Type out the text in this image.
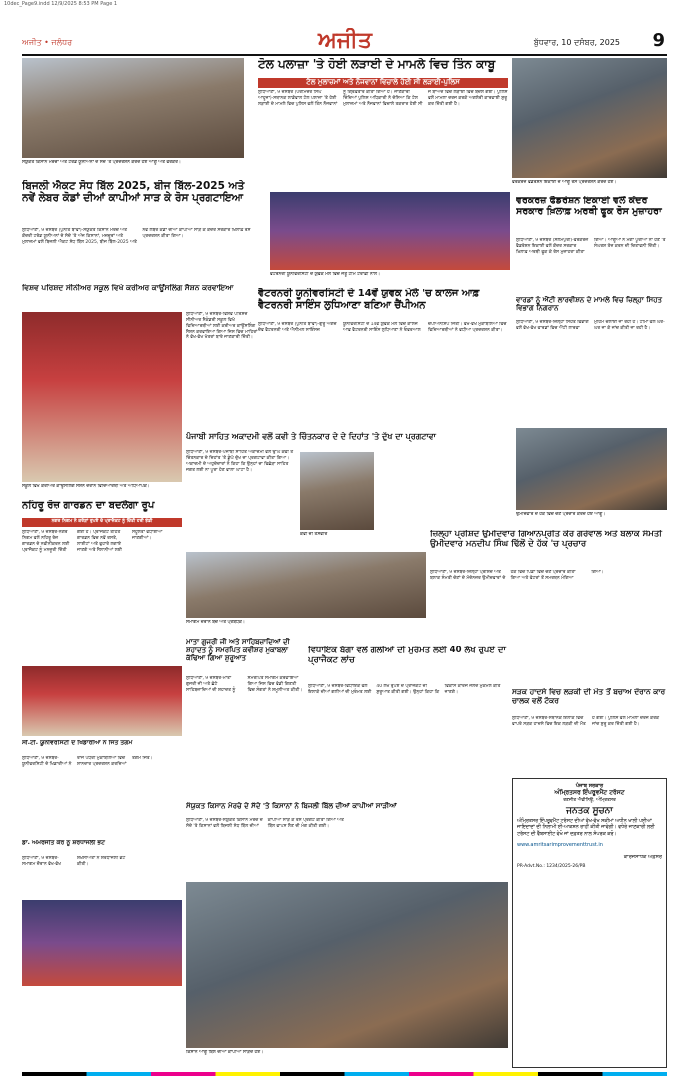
10dec_Page9.indd 12/9/2025 8:53 PM Page 1
ਅਜੀਤ • ਜਲੰਧਰ	ਅਜੀਤ	ਬੁੱਧਵਾਰ, 10 ਦਸੰਬਰ, 2025	9
ਸੰਯੁਕਤ ਕਿਸਾਨ ਮੋਰਚਾ ਅਤੇ ਟਰੇਡ ਯੂਨੀਅਨਾਂ ਦੇ ਸੱਦੇ 'ਤੇ ਪ੍ਰਦਰਸ਼ਨ ਕਰਦੇ ਹੋਏ ਆਗੂ ਅਤੇ ਵਰਕਰ।
ਟੋਲ ਪਲਾਜ਼ਾ 'ਤੇ ਹੋਈ ਲੜਾਈ ਦੇ ਮਾਮਲੇ ਵਿਚ ਤਿੰਨ ਕਾਬੂ
ਟੋਲ ਮੁਲਾਜ਼ਮਾਂ ਅਤੇ ਨੌਜਵਾਨਾਂ ਵਿਚਾਲੇ ਹੋਈ ਸੀ ਲੜਾਈ-ਪੁਲਿਸ
ਲੁਧਿਆਣਾ, 9 ਦਸੰਬਰ (ਪਰਮਿੰਦਰ ਸਿੰਘ ਆਹੂਜਾ)-ਸਥਾਨਕ ਲਾਡੋਵਾਲ ਟੋਲ ਪਲਾਜ਼ਾ 'ਤੇ ਹੋਈ ਲੜਾਈ ਦੇ ਮਾਮਲੇ ਵਿਚ ਪੁਲਿਸ ਵਲੋਂ ਤਿੰਨ ਨੌਜਵਾਨਾਂ ਨੂੰ ਗ੍ਰਿਫ਼ਤਾਰ ਕੀਤਾ ਗਿਆ ਹੈ। ਜਾਣਕਾਰੀ ਦਿੰਦਿਆਂ ਪੁਲਿਸ ਅਧਿਕਾਰੀ ਨੇ ਦੱਸਿਆ ਕਿ ਟੋਲ ਮੁਲਾਜ਼ਮਾਂ ਅਤੇ ਨੌਜਵਾਨਾਂ ਵਿਚਾਲੇ ਤਕਰਾਰ ਹੋਈ ਸੀ ਜੋ ਬਾਅਦ ਵਿਚ ਲੜਾਈ ਵਿਚ ਬਦਲ ਗਈ। ਪੁਲਿਸ ਵਲੋਂ ਮਾਮਲਾ ਦਰਜ ਕਰਕੇ ਅਗਲੇਰੀ ਕਾਰਵਾਈ ਸ਼ੁਰੂ ਕਰ ਦਿੱਤੀ ਗਈ ਹੈ।
ਵਰਕਰਜ਼ ਫੈਡਰੇਸ਼ਨ ਇਕਾਈ ਦੇ ਆਗੂ ਰੋਸ ਪ੍ਰਦਰਸ਼ਨ ਕਰਦੇ ਹੋਏ।
ਬਿਜਲੀ ਐਕਟ ਸੋਧ ਬਿੱਲ 2025, ਬੀਜ ਬਿੱਲ-2025 ਅਤੇ ਨਵੇਂ ਲੇਬਰ ਕੋਡਾਂ ਦੀਆਂ ਕਾਪੀਆਂ ਸਾੜ ਕੇ ਰੋਸ ਪ੍ਰਗਟਾਇਆ
ਲੁਧਿਆਣਾ, 9 ਦਸੰਬਰ (ਪੁਨੀਤ ਬਾਵਾ)-ਸੰਯੁਕਤ ਕਿਸਾਨ ਮੋਰਚੇ ਅਤੇ ਕੇਂਦਰੀ ਟਰੇਡ ਯੂਨੀਅਨਾਂ ਦੇ ਸੱਦੇ 'ਤੇ ਅੱਜ ਕਿਸਾਨਾਂ, ਮਜ਼ਦੂਰਾਂ ਅਤੇ ਮੁਲਾਜ਼ਮਾਂ ਵਲੋਂ ਬਿਜਲੀ ਐਕਟ ਸੋਧ ਬਿੱਲ 2025, ਬੀਜ ਬਿੱਲ-2025 ਅਤੇ ਨਵੇਂ ਲੇਬਰ ਕੋਡਾਂ ਦੀਆਂ ਕਾਪੀਆਂ ਸਾੜ ਕੇ ਕੇਂਦਰ ਸਰਕਾਰ ਖ਼ਿਲਾਫ਼ ਰੋਸ ਪ੍ਰਦਰਸ਼ਨ ਕੀਤਾ ਗਿਆ।
ਵੈਟਰਨਰੀ ਯੂਨੀਵਰਸਿਟੀ ਦੇ ਯੁਵਕ ਮੇਲੇ ਵਿਚ ਜੇਤੂ ਟੀਮ ਟਰਾਫ਼ੀ ਨਾਲ।
ਵਰਕਰਜ਼ ਫੈਡਰੇਸ਼ਨ ਇਕਾਈ ਵਲੋਂ ਕੇਂਦਰ ਸਰਕਾਰ ਖ਼ਿਲਾਫ਼ ਅਰਥੀ ਫੂਕ ਰੋਸ ਮੁਜ਼ਾਹਰਾ
ਲੁਧਿਆਣਾ, 9 ਦਸੰਬਰ (ਸਲੇਮਪੁਰੀ)-ਵਰਕਰਜ਼ ਫੈਡਰੇਸ਼ਨ ਇਕਾਈ ਵਲੋਂ ਕੇਂਦਰ ਸਰਕਾਰ ਖ਼ਿਲਾਫ਼ ਅਰਥੀ ਫੂਕ ਕੇ ਰੋਸ ਮੁਜ਼ਾਹਰਾ ਕੀਤਾ ਗਿਆ। ਆਗੂਆਂ ਨੇ ਮੰਗਾਂ ਪੂਰੀਆਂ ਨਾ ਹੋਣ 'ਤੇ ਸੰਘਰਸ਼ ਤੇਜ਼ ਕਰਨ ਦੀ ਚਿਤਾਵਨੀ ਦਿੱਤੀ।
ਵੈਟਰਨਰੀ ਯੂਨੀਵਰਸਿਟੀ ਦੇ 14ਵੇਂ ਯੁਵਕ ਮੇਲੇ 'ਚ ਕਾਲਜ ਆਫ਼ ਵੈਟਰਨਰੀ ਸਾਇੰਸ ਲੁਧਿਆਣਾ ਬਣਿਆ ਚੈਂਪੀਅਨ
ਲੁਧਿਆਣਾ, 9 ਦਸੰਬਰ (ਪੁਨੀਤ ਬਾਵਾ)-ਗੁਰੂ ਅੰਗਦ ਦੇਵ ਵੈਟਰਨਰੀ ਅਤੇ ਐਨੀਮਲ ਸਾਇੰਸਜ਼ ਯੂਨੀਵਰਸਿਟੀ ਦੇ 14ਵੇਂ ਯੁਵਕ ਮੇਲੇ ਵਿਚ ਕਾਲਜ ਆਫ਼ ਵੈਟਰਨਰੀ ਸਾਇੰਸ ਲੁਧਿਆਣਾ ਨੇ ਓਵਰਆਲ ਚੈਂਪੀਅਨਸ਼ਿਪ ਜਿੱਤੀ। ਵੱਖ-ਵੱਖ ਮੁਕਾਬਲਿਆਂ ਵਿਚ ਵਿਦਿਆਰਥੀਆਂ ਨੇ ਵਧੀਆ ਪ੍ਰਦਰਸ਼ਨ ਕੀਤਾ।
ਵਾਰਡਾਂ ਨੂੰ ਐਂਟੀ ਲਾਰਵੀਸ਼ਨ ਦੇ ਮਾਮਲੇ ਵਿਚ ਜ਼ਿਲ੍ਹਾ ਸਿਹਤ ਵਿਭਾਗ ਨਿਗਰਾਨ
ਲੁਧਿਆਣਾ, 9 ਦਸੰਬਰ-ਜ਼ਿਲ੍ਹਾ ਸਿਹਤ ਵਿਭਾਗ ਵਲੋਂ ਵੱਖ-ਵੱਖ ਵਾਰਡਾਂ ਵਿਚ ਐਂਟੀ ਲਾਰਵਾ ਮੁਹਿੰਮ ਚਲਾਈ ਜਾ ਰਹੀ ਹੈ। ਟੀਮਾਂ ਵਲੋਂ ਘਰ-ਘਰ ਜਾ ਕੇ ਜਾਂਚ ਕੀਤੀ ਜਾ ਰਹੀ ਹੈ।
ਵਿਸ਼ਵ ਪਰਿਸ਼ਦ ਸੀਨੀਅਰ ਸਕੂਲ ਵਿਖੇ ਕਰੀਅਰ ਕਾਊਂਸਲਿੰਗ ਸੈਸ਼ਨ ਕਰਵਾਇਆ
ਸਕੂਲ ਵਿਖੇ ਕਰੀਅਰ ਕਾਊਂਸਲਿੰਗ ਸੈਸ਼ਨ ਦੌਰਾਨ ਵਿਦਿਆਰਥੀ ਅਤੇ ਅਧਿਆਪਕ।
ਲੁਧਿਆਣਾ, 9 ਦਸੰਬਰ-ਵਿਸ਼ਵ ਪਰਿਸ਼ਦ ਸੀਨੀਅਰ ਸੈਕੰਡਰੀ ਸਕੂਲ ਵਿਖੇ ਵਿਦਿਆਰਥੀਆਂ ਲਈ ਕਰੀਅਰ ਕਾਊਂਸਲਿੰਗ ਸੈਸ਼ਨ ਕਰਵਾਇਆ ਗਿਆ ਜਿਸ ਵਿਚ ਮਾਹਿਰਾਂ ਨੇ ਵੱਖ-ਵੱਖ ਖੇਤਰਾਂ ਬਾਰੇ ਜਾਣਕਾਰੀ ਦਿੱਤੀ।
ਪੰਜਾਬੀ ਸਾਹਿਤ ਅਕਾਦਮੀ ਵਲੋਂ ਕਵੀ ਤੇ ਚਿੰਤਨਕਾਰ ਦੇ ਦੇ ਦਿਹਾਂਤ 'ਤੇ ਦੁੱਖ ਦਾ ਪ੍ਰਗਟਾਵਾ
ਲੁਧਿਆਣਾ, 9 ਦਸੰਬਰ-ਪੰਜਾਬੀ ਸਾਹਿਤ ਅਕਾਦਮੀ ਵਲੋਂ ਉੱਘੇ ਕਵੀ ਤੇ ਚਿੰਤਨਕਾਰ ਦੇ ਦਿਹਾਂਤ 'ਤੇ ਡੂੰਘੇ ਦੁੱਖ ਦਾ ਪ੍ਰਗਟਾਵਾ ਕੀਤਾ ਗਿਆ। ਅਕਾਦਮੀ ਦੇ ਅਹੁਦੇਦਾਰਾਂ ਨੇ ਕਿਹਾ ਕਿ ਉਨ੍ਹਾਂ ਦਾ ਵਿਛੋੜਾ ਸਾਹਿਤ ਜਗਤ ਲਈ ਨਾ ਪੂਰਾ ਹੋਣ ਵਾਲਾ ਘਾਟਾ ਹੈ।
ਕਵੀ ਦੀ ਤਸਵੀਰ
ਨਹਿਰੂ ਰੋਜ਼ ਗਾਰਡਨ ਦਾ ਬਦਲੇਗਾ ਰੂਪ
ਨਗਰ ਨਿਗਮ ਨੇ ਕਰੋੜਾਂ ਰੁਪਏ ਦੇ ਪ੍ਰਾਜੈਕਟ ਨੂੰ ਦਿੱਤੀ ਹਰੀ ਝੰਡੀ
ਲੁਧਿਆਣਾ, 9 ਦਸੰਬਰ-ਨਗਰ ਨਿਗਮ ਵਲੋਂ ਨਹਿਰੂ ਰੋਜ਼ ਗਾਰਡਨ ਦੇ ਨਵੀਨੀਕਰਨ ਲਈ ਪ੍ਰਾਜੈਕਟ ਨੂੰ ਮਨਜ਼ੂਰੀ ਦਿੱਤੀ ਗਈ ਹੈ। ਪ੍ਰਾਜੈਕਟ ਤਹਿਤ ਗਾਰਡਨ ਵਿਚ ਨਵੇਂ ਰਸਤੇ, ਲਾਈਟਾਂ ਅਤੇ ਫੁਹਾਰੇ ਲਗਾਏ ਜਾਣਗੇ ਅਤੇ ਸੈਲਾਨੀਆਂ ਲਈ ਸਹੂਲਤਾਂ ਵਧਾਈਆਂ ਜਾਣਗੀਆਂ।
ਉਮੀਦਵਾਰ ਦੇ ਹੱਕ ਵਿਚ ਚੋਣ ਪ੍ਰਚਾਰ ਕਰਦੇ ਹੋਏ ਆਗੂ।
ਜ਼ਿਲ੍ਹਾ ਪ੍ਰੀਸ਼ਦ ਉਮੀਦਵਾਰ ਗਿਆਨਪ੍ਰੀਤ ਕੌਰ ਗਰੇਵਾਲ ਅਤੇ ਬਲਾਕ ਸੰਮਤੀ ਉਮੀਦਵਾਰ ਮਨਦੀਪ ਸਿੰਘ ਢਿੱਲੋਂ ਦੇ ਹੱਕ 'ਚ ਪ੍ਰਚਾਰ
ਲੁਧਿਆਣਾ, 9 ਦਸੰਬਰ-ਜ਼ਿਲ੍ਹਾ ਪ੍ਰੀਸ਼ਦ ਅਤੇ ਬਲਾਕ ਸੰਮਤੀ ਚੋਣਾਂ ਦੇ ਮੱਦੇਨਜ਼ਰ ਉਮੀਦਵਾਰਾਂ ਦੇ ਹੱਕ ਵਿਚ ਪਿੰਡਾਂ ਵਿਚ ਚੋਣ ਪ੍ਰਚਾਰ ਕੀਤਾ ਗਿਆ ਅਤੇ ਵੋਟਰਾਂ ਤੋਂ ਸਮਰਥਨ ਮੰਗਿਆ ਗਿਆ।
ਸਮਾਗਮ ਦੌਰਾਨ ਬੱਚੇ ਅਤੇ ਪ੍ਰਬੰਧਕ।
ਵਿਧਾਇਕ ਬੱਗਾ ਵਲੋਂ ਗਲੀਆਂ ਦੀ ਮੁਰੰਮਤ ਲਈ 40 ਲੱਖ ਰੁਪਏ ਦਾ ਪ੍ਰਾਜੈਕਟ ਲਾਂਚ
ਲੁਧਿਆਣਾ, 9 ਦਸੰਬਰ-ਵਿਧਾਇਕ ਵਲੋਂ ਇਲਾਕੇ ਦੀਆਂ ਗਲੀਆਂ ਦੀ ਮੁਰੰਮਤ ਲਈ 40 ਲੱਖ ਰੁਪਏ ਦੇ ਪ੍ਰਾਜੈਕਟ ਦੀ ਸ਼ੁਰੂਆਤ ਕੀਤੀ ਗਈ। ਉਨ੍ਹਾਂ ਕਿਹਾ ਕਿ ਵਿਕਾਸ ਕਾਰਜ ਜਲਦ ਮੁਕੰਮਲ ਕੀਤੇ ਜਾਣਗੇ।
ਮਾਤਾ ਗੁਜਰੀ ਜੀ ਅਤੇ ਸਾਹਿਬਜ਼ਾਦਿਆਂ ਦੀ ਸ਼ਹਾਦਤ ਨੂੰ ਸਮਰਪਿਤ ਕਵੀਸ਼ਰ ਮੁਕਾਬਲਾ ਕੱਢਿਆ ਗਿਆ ਸ਼ੁਰੂਆਤ
ਲੁਧਿਆਣਾ, 9 ਦਸੰਬਰ-ਮਾਤਾ ਗੁਜਰੀ ਜੀ ਅਤੇ ਛੋਟੇ ਸਾਹਿਬਜ਼ਾਦਿਆਂ ਦੀ ਸ਼ਹਾਦਤ ਨੂੰ ਸਮਰਪਿਤ ਸਮਾਗਮ ਕਰਵਾਇਆ ਗਿਆ ਜਿਸ ਵਿਚ ਵੱਡੀ ਗਿਣਤੀ ਵਿਚ ਸੰਗਤਾਂ ਨੇ ਸ਼ਮੂਲੀਅਤ ਕੀਤੀ।	ਸੜਕ ਹਾਦਸੇ ਵਿਚ ਲੜਕੀ ਦੀ ਮੌਤ ਤੋਂ ਬਚਾਅ ਦੌਰਾਨ ਕਾਰ ਚਾਲਕ ਵਲੋਂ ਟੱਕਰ
ਲੁਧਿਆਣਾ, 9 ਦਸੰਬਰ-ਸਥਾਨਕ ਇਲਾਕੇ ਵਿਚ ਵਾਪਰੇ ਸੜਕ ਹਾਦਸੇ ਵਿਚ ਇਕ ਲੜਕੀ ਦੀ ਮੌਤ ਹੋ ਗਈ। ਪੁਲਿਸ ਵਲੋਂ ਮਾਮਲਾ ਦਰਜ ਕਰਕੇ ਜਾਂਚ ਸ਼ੁਰੂ ਕਰ ਦਿੱਤੀ ਗਈ ਹੈ।
ਸੀ.ਟੀ. ਯੂਨੀਵਰਸਿਟੀ ਦੇ ਖਿਡਾਰੀਆਂ ਨੇ ਜਿੱਤੇ ਤਗਮੇ
ਲੁਧਿਆਣਾ, 9 ਦਸੰਬਰ-ਯੂਨੀਵਰਸਿਟੀ ਦੇ ਖਿਡਾਰੀਆਂ ਨੇ ਰਾਜ ਪੱਧਰੀ ਮੁਕਾਬਲਿਆਂ ਵਿਚ ਸ਼ਾਨਦਾਰ ਪ੍ਰਦਰਸ਼ਨ ਕਰਦਿਆਂ ਤਗਮੇ ਜਿੱਤੇ।
ਪੰਜਾਬ ਸਰਕਾਰ
ਅੰਮ੍ਰਿਤਸਰ ਇੰਪਰੂਵਮੈਂਟ ਟਰੱਸਟ
ਰਣਜੀਤ ਐਵੀਨਿਊ, ਅੰਮ੍ਰਿਤਸਰ
ਜਨਤਕ ਸੂਚਨਾ
ਅੰਮ੍ਰਿਤਸਰ ਇੰਪਰੂਵਮੈਂਟ ਟਰੱਸਟ ਦੀਆਂ ਵੱਖ-ਵੱਖ ਸਕੀਮਾਂ ਅਧੀਨ ਖਾਲੀ ਪਈਆਂ ਜਾਇਦਾਦਾਂ ਦੀ ਨਿਲਾਮੀ ਈ-ਆਕਸ਼ਨ ਰਾਹੀਂ ਕੀਤੀ ਜਾਵੇਗੀ। ਵਧੇਰੇ ਜਾਣਕਾਰੀ ਲਈ ਟਰੱਸਟ ਦੀ ਵੈੱਬਸਾਈਟ ਵੇਖੋ ਜਾਂ ਦਫ਼ਤਰ ਨਾਲ ਸੰਪਰਕ ਕਰੋ।
www.amritsarimprovementtrust.in
ਕਾਰਜਸਾਧਕ ਅਫ਼ਸਰ
PR-Advt.No.: 1234/2025-26/PB
ਸੰਯੁਕਤ ਕਿਸਾਨ ਮੋਰਚੇ ਦੇ ਸੱਦੇ 'ਤੇ ਕਿਸਾਨਾਂ ਨੇ ਬਿਜਲੀ ਬਿੱਲ ਦੀਆਂ ਕਾਪੀਆਂ ਸਾੜੀਆਂ
ਲੁਧਿਆਣਾ, 9 ਦਸੰਬਰ-ਸੰਯੁਕਤ ਕਿਸਾਨ ਮੋਰਚੇ ਦੇ ਸੱਦੇ 'ਤੇ ਕਿਸਾਨਾਂ ਵਲੋਂ ਬਿਜਲੀ ਸੋਧ ਬਿੱਲ ਦੀਆਂ ਕਾਪੀਆਂ ਸਾੜ ਕੇ ਰੋਸ ਪ੍ਰਗਟ ਕੀਤਾ ਗਿਆ ਅਤੇ ਬਿੱਲ ਵਾਪਸ ਲੈਣ ਦੀ ਮੰਗ ਕੀਤੀ ਗਈ।
ਕਿਸਾਨ ਆਗੂ ਬਿੱਲ ਦੀਆਂ ਕਾਪੀਆਂ ਸਾੜਦੇ ਹੋਏ।
ਡਾ. ਅਮਰਜੀਤ ਕੌਰ ਨੂੰ ਸ਼ਰਧਾਂਜਲੀ ਭੇਟ
ਲੁਧਿਆਣਾ, 9 ਦਸੰਬਰ-ਸਮਾਗਮ ਦੌਰਾਨ ਵੱਖ-ਵੱਖ ਸ਼ਖ਼ਸੀਅਤਾਂ ਨੇ ਸ਼ਰਧਾਂਜਲੀ ਭੇਟ ਕੀਤੀ।
